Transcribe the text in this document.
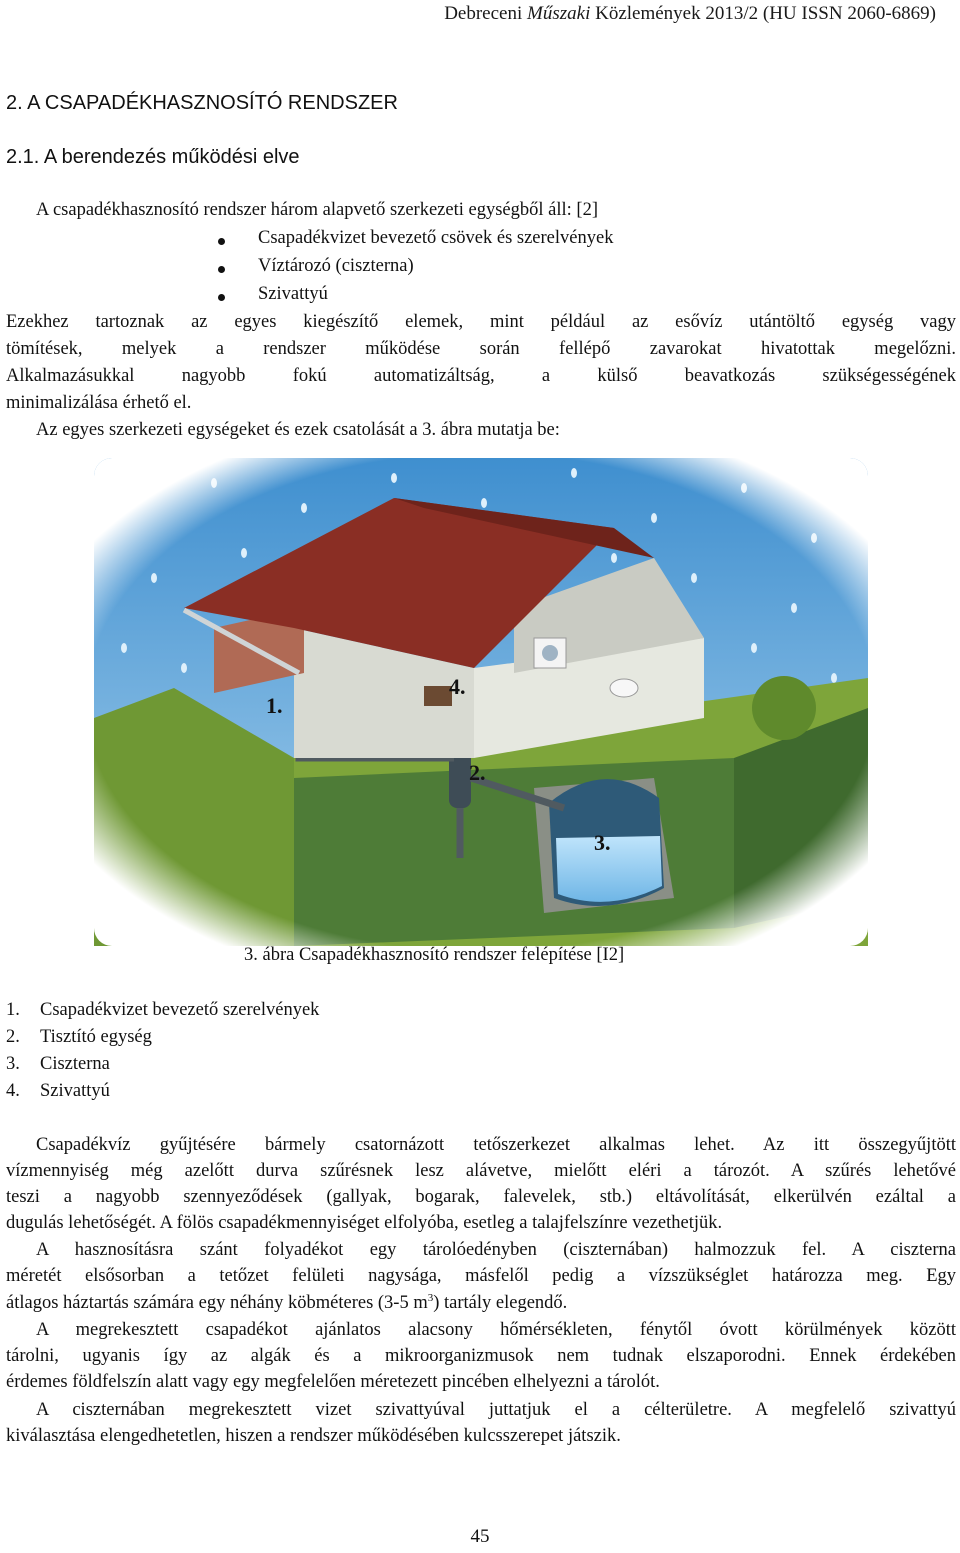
Debreceni Műszaki Közlemények 2013/2 (HU ISSN 2060-6869)
2. A CSAPADÉKHASZNOSÍTÓ RENDSZER
2.1. A berendezés működési elve
A csapadékhasznosító rendszer három alapvető szerkezeti egységből áll: [2]
Csapadékvizet bevezető csövek és szerelvények
Víztározó (ciszterna)
Szivattyú
Ezekhez tartoznak az egyes kiegészítő elemek, mint például az esővíz utántöltő egység vagy
tömítések, melyek a rendszer működése során fellépő zavarokat hivatottak megelőzni.
Alkalmazásukkal nagyobb fokú automatizáltság, a külső beavatkozás szükségességének
minimalizálása érhető el.
Az egyes szerkezeti egységeket és ezek csatolását a 3. ábra mutatja be:
1.
2.
3.
4.
3. ábra Csapadékhasznosító rendszer felépítése [I2]
1. Csapadékvizet bevezető szerelvények
2. Tisztító egység
3. Ciszterna
4. Szivattyú
Csapadékvíz gyűjtésére bármely csatornázott tetőszerkezet alkalmas lehet. Az itt összegyűjtött
vízmennyiség még azelőtt durva szűrésnek lesz alávetve, mielőtt eléri a tározót. A szűrés lehetővé
teszi a nagyobb szennyeződések (gallyak, bogarak, falevelek, stb.) eltávolítását, elkerülvén ezáltal a
dugulás lehetőségét. A fölös csapadékmennyiséget elfolyóba, esetleg a talajfelszínre vezethetjük.
A hasznosításra szánt folyadékot egy tárolóedényben (ciszternában) halmozzuk fel. A ciszterna
méretét elsősorban a tetőzet felületi nagysága, másfelől pedig a vízszükséglet határozza meg. Egy
átlagos háztartás számára egy néhány köbméteres (3-5 $m^3$) tartály elegendő.
A megrekesztett csapadékot ajánlatos alacsony hőmérsékleten, fénytől óvott körülmények között
tárolni, ugyanis így az algák és a mikroorganizmusok nem tudnak elszaporodni. Ennek érdekében
érdemes földfelszín alatt vagy egy megfelelően méretezett pincében elhelyezni a tárolót.
A ciszternában megrekesztett vizet szivattyúval juttatjuk el a célterületre. A megfelelő szivattyú
kiválasztása elengedhetetlen, hiszen a rendszer működésében kulcsszerepet játszik.
45
